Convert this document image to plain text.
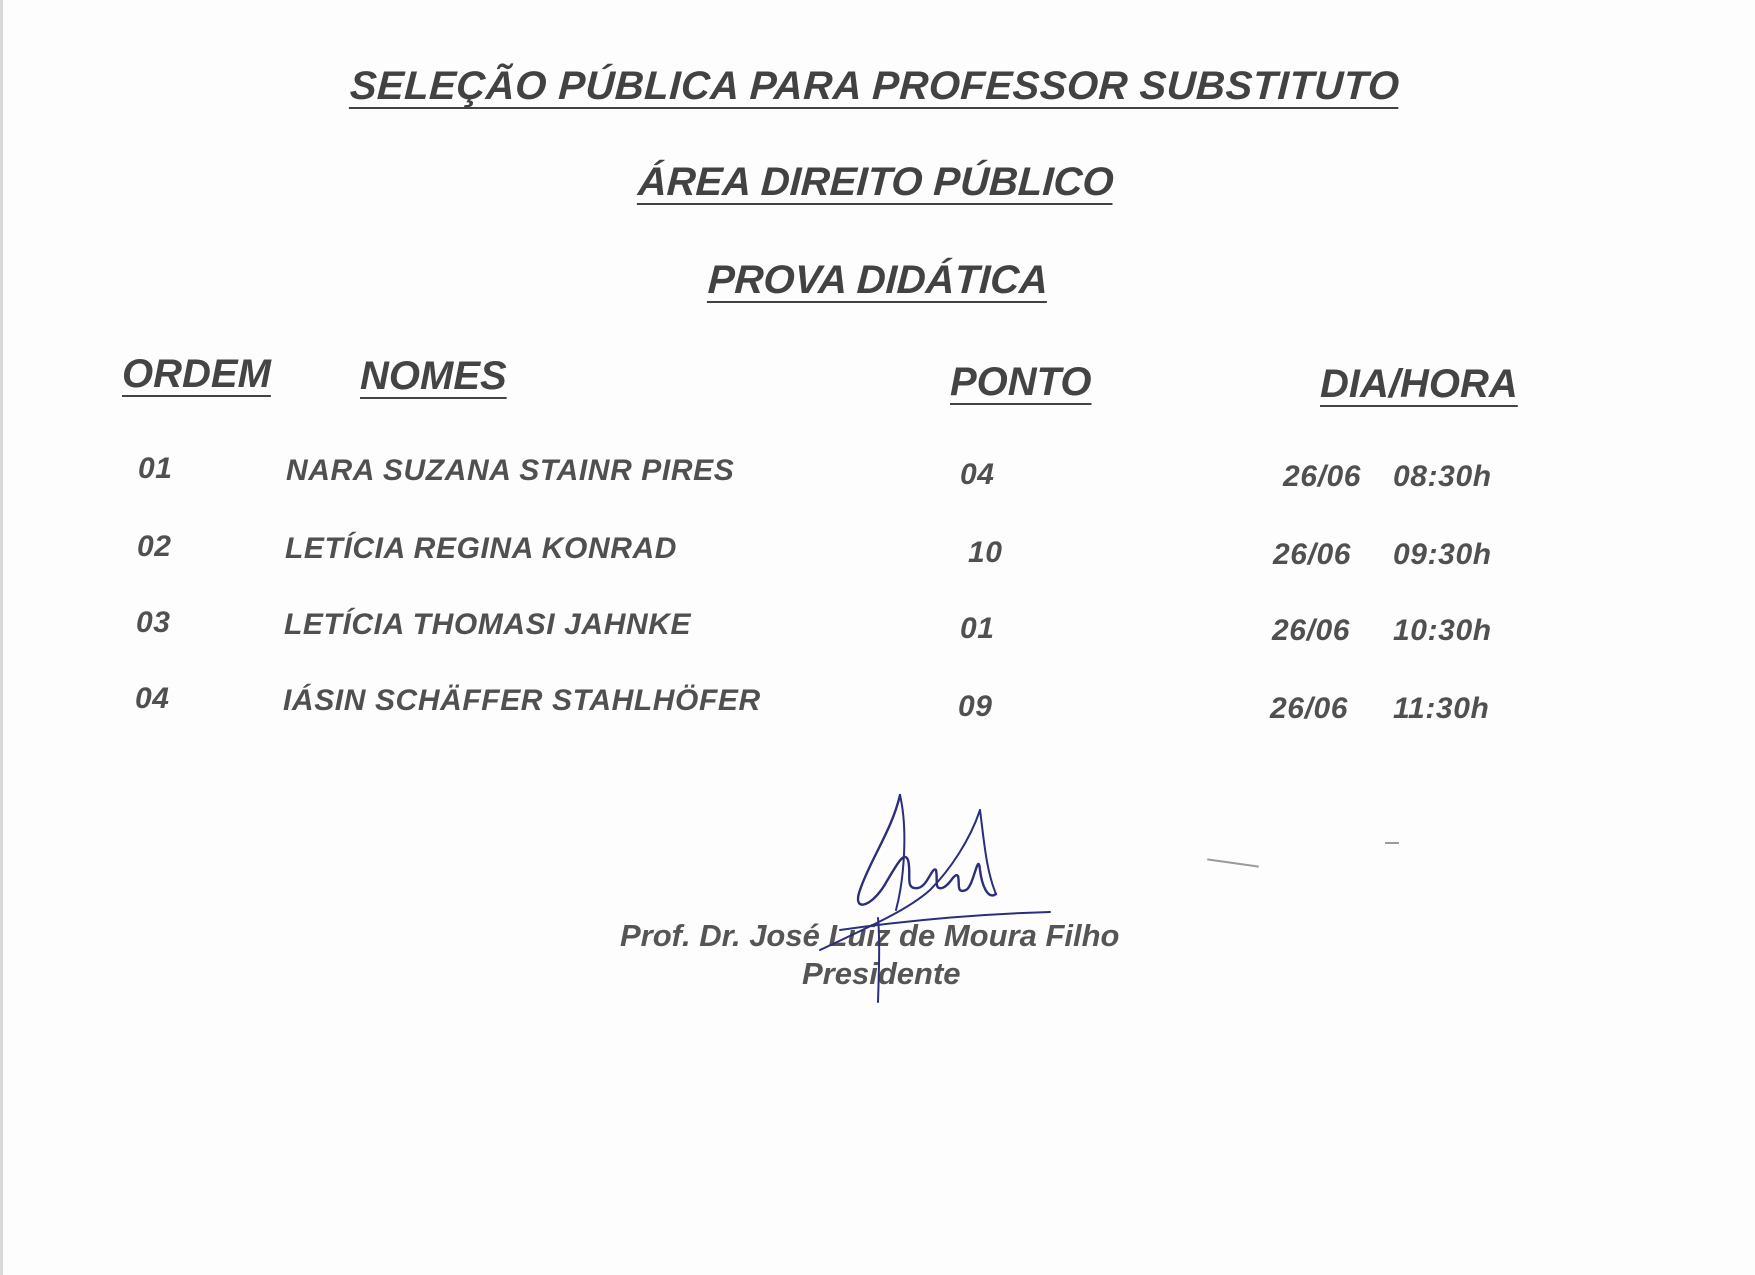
SELEÇÃO PÚBLICA PARA PROFESSOR SUBSTITUTO
ÁREA DIREITO PÚBLICO
PROVA DIDÁTICA
ORDEM NOMES	PONTO	DIA/HORA
01	NARA SUZANA STAINR PIRES	04	26/06 08:30h
02	LETÍCIA REGINA KONRAD	10	26/06 09:30h
03	LETÍCIA THOMASI JAHNKE	01	26/06 10:30h
04	IÁSIN SCHÄFFER STAHLHÖFER	09	26/06 11:30h
Prof. Dr. José Luiz de Moura Filho
Presidente
